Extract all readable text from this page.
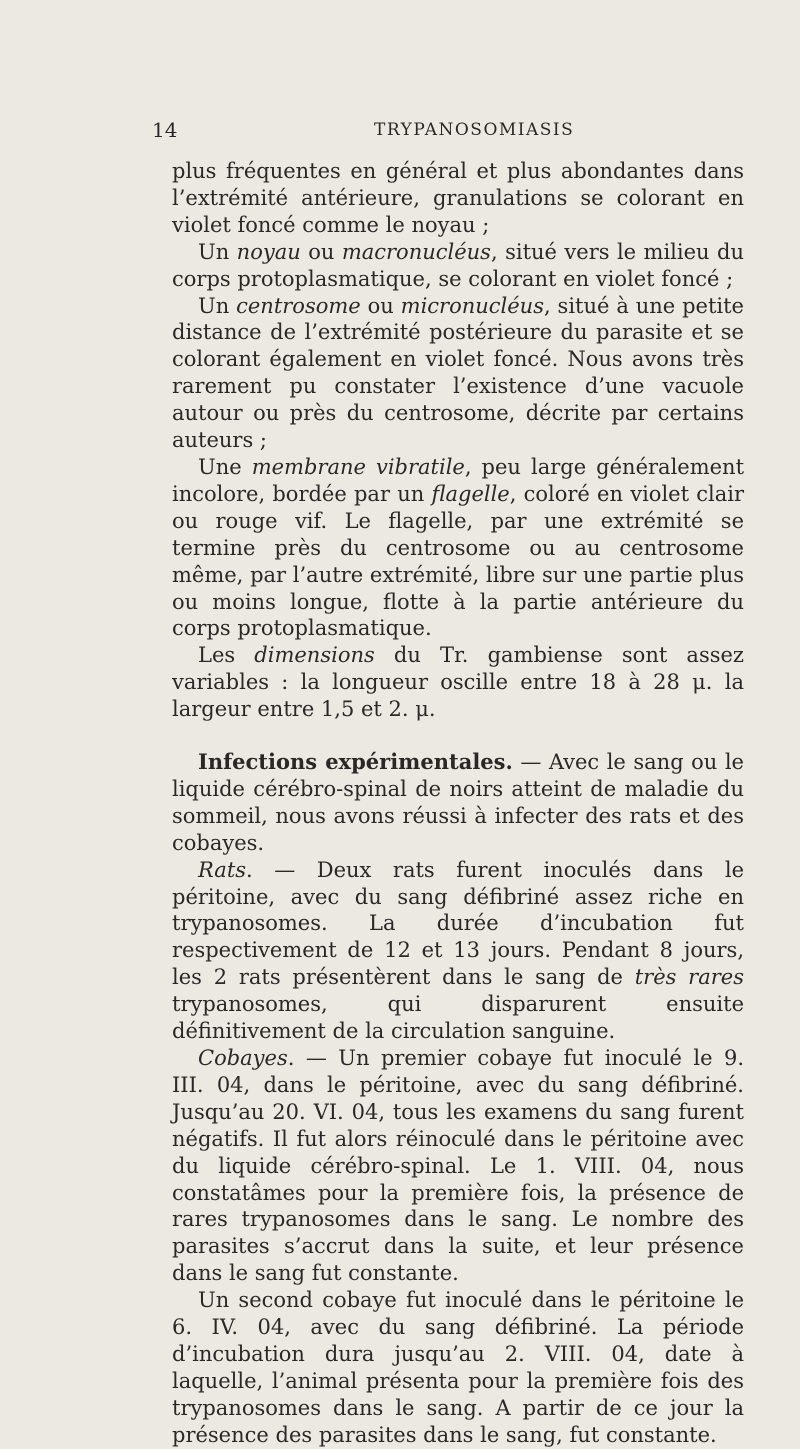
14	TRYPANOSOMIASIS

plus fréquentes en général et plus abondantes dans l’extrémité antérieure, granulations se colorant en violet foncé comme le noyau ;

Un noyau ou macronucléus, situé vers le milieu du corps protoplasmatique, se colorant en violet foncé ;

Un centrosome ou micronucléus, situé à une petite distance de l’extrémité postérieure du parasite et se colorant également en violet foncé. Nous avons très rarement pu constater l’existence d’une vacuole autour ou près du centrosome, décrite par certains auteurs ;

Une membrane vibratile, peu large généralement incolore, bordée par un flagelle, coloré en violet clair ou rouge vif. Le flagelle, par une extrémité se termine près du centrosome ou au centrosome même, par l’autre extrémité, libre sur une partie plus ou moins longue, flotte à la partie antérieure du corps protoplasmatique.

Les dimensions du Tr. gambiense sont assez variables : la longueur oscille entre 18 à 28 μ. la largeur entre 1,5 et 2. μ.

Infections expérimentales. — Avec le sang ou le liquide cérébro-spinal de noirs atteint de maladie du sommeil, nous avons réussi à infecter des rats et des cobayes.

Rats. — Deux rats furent inoculés dans le péritoine, avec du sang défibriné assez riche en trypanosomes. La durée d’incubation fut respectivement de 12 et 13 jours. Pendant 8 jours, les 2 rats présentèrent dans le sang de très rares trypanosomes, qui disparurent ensuite définitivement de la circulation sanguine.

Cobayes. — Un premier cobaye fut inoculé le 9. III. 04, dans le péritoine, avec du sang défibriné. Jusqu’au 20. VI. 04, tous les examens du sang furent négatifs. Il fut alors réinoculé dans le péritoine avec du liquide cérébro-spinal. Le 1. VIII. 04, nous constatâmes pour la première fois, la présence de rares trypanosomes dans le sang. Le nombre des parasites s’accrut dans la suite, et leur présence dans le sang fut constante.

Un second cobaye fut inoculé dans le péritoine le 6. IV. 04, avec du sang défibriné. La période d’incubation dura jusqu’au 2. VIII. 04, date à laquelle, l’animal présenta pour la première fois des trypanosomes dans le sang. A partir de ce jour la présence des parasites dans le sang, fut constante.
